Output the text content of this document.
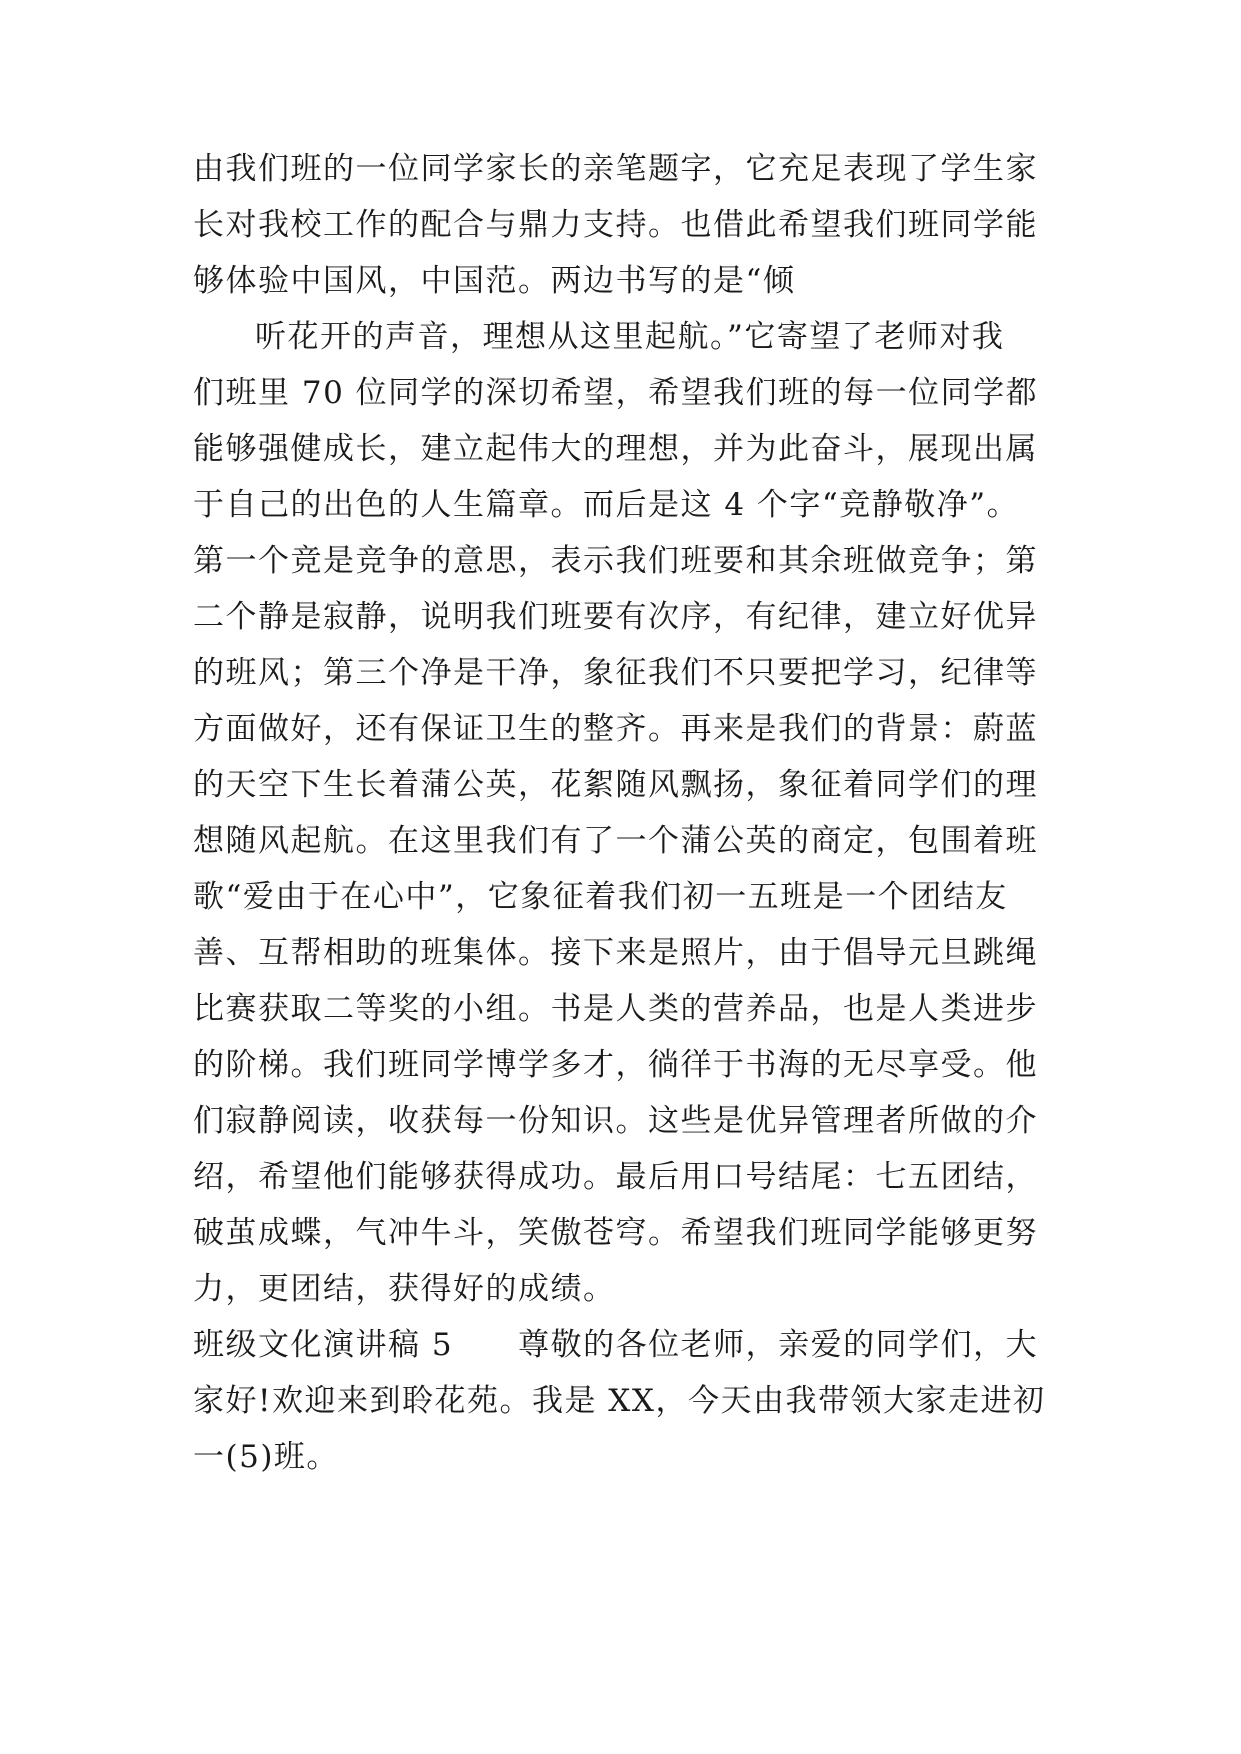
由我们班的一位同学家长的亲笔题字，它充足表现了学生家
长对我校工作的配合与鼎力支持。也借此希望我们班同学能
够体验中国风，中国范。两边书写的是“倾
听花开的声音，理想从这里起航。”它寄望了老师对我
们班里 70 位同学的深切希望，希望我们班的每一位同学都
能够强健成长，建立起伟大的理想，并为此奋斗，展现出属
于自己的出色的人生篇章。而后是这 4 个字“竞静敬净”。
第一个竞是竞争的意思，表示我们班要和其余班做竞争；第
二个静是寂静，说明我们班要有次序，有纪律，建立好优异
的班风；第三个净是干净，象征我们不只要把学习，纪律等
方面做好，还有保证卫生的整齐。再来是我们的背景：蔚蓝
的天空下生长着蒲公英，花絮随风飘扬，象征着同学们的理
想随风起航。在这里我们有了一个蒲公英的商定，包围着班
歌“爱由于在心中”，它象征着我们初一五班是一个团结友
善、互帮相助的班集体。接下来是照片，由于倡导元旦跳绳
比赛获取二等奖的小组。书是人类的营养品，也是人类进步
的阶梯。我们班同学博学多才，徜徉于书海的无尽享受。他
们寂静阅读，收获每一份知识。这些是优异管理者所做的介
绍，希望他们能够获得成功。最后用口号结尾：七五团结，
破茧成蝶，气冲牛斗，笑傲苍穹。希望我们班同学能够更努
力，更团结，获得好的成绩。
班级文化演讲稿 5　　尊敬的各位老师，亲爱的同学们，大
家好!欢迎来到聆花苑。我是 XX，今天由我带领大家走进初
一(5)班。
